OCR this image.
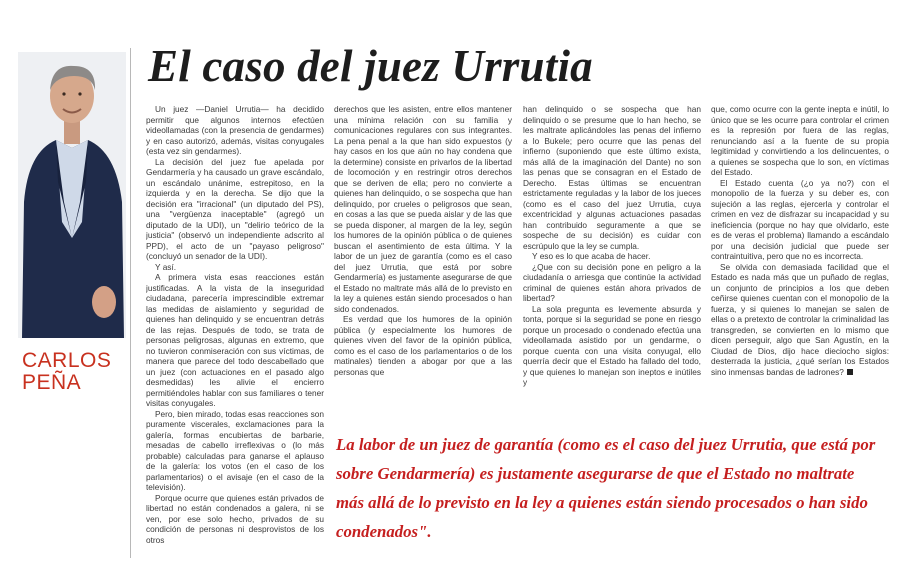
CARLOS
PEÑA
El caso del juez Urrutia

Un juez —Daniel Urrutia— ha decidido permitir que algunos internos efectúen videollamadas (con la presencia de gendarmes) y en caso autorizó, además, visitas conyugales (esta vez sin gendarmes).

La decisión del juez fue apelada por Gendarmería y ha causado un grave escándalo, un escándalo unánime, estrepitoso, en la izquierda y en la derecha. Se dijo que la decisión era "irracional" (un diputado del PS), una "vergüenza inaceptable" (agregó un diputado de la UDI), un "delirio teórico de la justicia" (observó un independiente adscrito al PPD), el acto de un "payaso peligroso" (concluyó un senador de la UDI).

Y así.

A primera vista esas reacciones están justificadas. A la vista de la inseguridad ciudadana, parecería imprescindible extremar las medidas de aislamiento y seguridad de quienes han delinquido y se encuentran detrás de las rejas. Después de todo, se trata de personas peligrosas, algunas en extremo, que no tuvieron conmiseración con sus víctimas, de manera que parece del todo descabellado que un juez (con actuaciones en el pasado algo desmedidas) les alivie el encierro permitiéndoles hablar con sus familiares o tener visitas conyugales.

Pero, bien mirado, todas esas reacciones son puramente viscerales, exclamaciones para la galería, formas encubiertas de barbarie, mesadas de cabello irreflexivas o (lo más probable) calculadas para ganarse el aplauso de la galería: los votos (en el caso de los parlamentarios) o el avisaje (en el caso de la televisión).

Porque ocurre que quienes están privados de libertad no están condenados a galera, ni se ven, por ese solo hecho, privados de su condición de personas ni desprovistos de los otros

derechos que les asisten, entre ellos mantener una mínima relación con su familia y comunicaciones regulares con sus integrantes. La pena penal a la que han sido expuestos (y hay casos en los que aún no hay condena que la determine) consiste en privarlos de la libertad de locomoción y en restringir otros derechos que se deriven de ella; pero no convierte a quienes han delinquido, o se sospecha que han delinquido, por crueles o peligrosos que sean, en cosas a las que se pueda aislar y de las que se pueda disponer, al margen de la ley, según los humores de la opinión pública o de quienes buscan el asentimiento de esta última. Y la labor de un juez de garantía (como es el caso del juez Urrutia, que está por sobre Gendarmería) es justamente asegurarse de que el Estado no maltrate más allá de lo previsto en la ley a quienes están siendo procesados o han sido condenados.

Es verdad que los humores de la opinión pública (y especialmente los humores de quienes viven del favor de la opinión pública, como es el caso de los parlamentarios o de los matinales) tienden a abogar por que a las personas que

han delinquido o se sospecha que han delinquido o se presume que lo han hecho, se les maltrate aplicándoles las penas del infierno a lo Bukele; pero ocurre que las penas del infierno (suponiendo que este último exista, más allá de la imaginación del Dante) no son las penas que se consagran en el Estado de Derecho. Estas últimas se encuentran estrictamente reguladas y la labor de los jueces (como es el caso del juez Urrutia, cuya excentricidad y algunas actuaciones pasadas han contribuido seguramente a que se sospeche de su decisión) es cuidar con escrúpulo que la ley se cumpla.

Y eso es lo que acaba de hacer.

¿Que con su decisión pone en peligro a la ciudadanía o arriesga que continúe la actividad criminal de quienes están ahora privados de libertad?

La sola pregunta es levemente absurda y tonta, porque si la seguridad se pone en riesgo porque un procesado o condenado efectúa una videollamada asistido por un gendarme, o porque cuenta con una visita conyugal, ello querría decir que el Estado ha fallado del todo, y que quienes lo manejan son ineptos e inútiles y

que, como ocurre con la gente inepta e inútil, lo único que se les ocurre para controlar el crimen es la represión por fuera de las reglas, renunciando así a la fuente de su propia legitimidad y convirtiendo a los delincuentes, o a quienes se sospecha que lo son, en víctimas del Estado.

El Estado cuenta (¿o ya no?) con el monopolio de la fuerza y su deber es, con sujeción a las reglas, ejercerla y controlar el crimen en vez de disfrazar su incapacidad y su ineficiencia (porque no hay que olvidarlo, este es de veras el problema) llamando a escándalo por una decisión judicial que puede ser contraintuitiva, pero que no es incorrecta.

Se olvida con demasiada facilidad que el Estado es nada más que un puñado de reglas, un conjunto de principios a los que deben ceñirse quienes cuentan con el monopolio de la fuerza, y si quienes lo manejan se salen de ellas o a pretexto de controlar la criminalidad las transgreden, se convierten en lo mismo que dicen perseguir, algo que San Agustín, en la Ciudad de Dios, dijo hace dieciocho siglos: desterrada la justicia, ¿qué serían los Estados sino inmensas bandas de ladrones?

La labor de un juez de garantía (como es el caso del juez Urrutia, que está por sobre Gendarmería) es justamente asegurarse de que el Estado no maltrate más allá de lo previsto en la ley a quienes están siendo procesados o han sido condenados".
